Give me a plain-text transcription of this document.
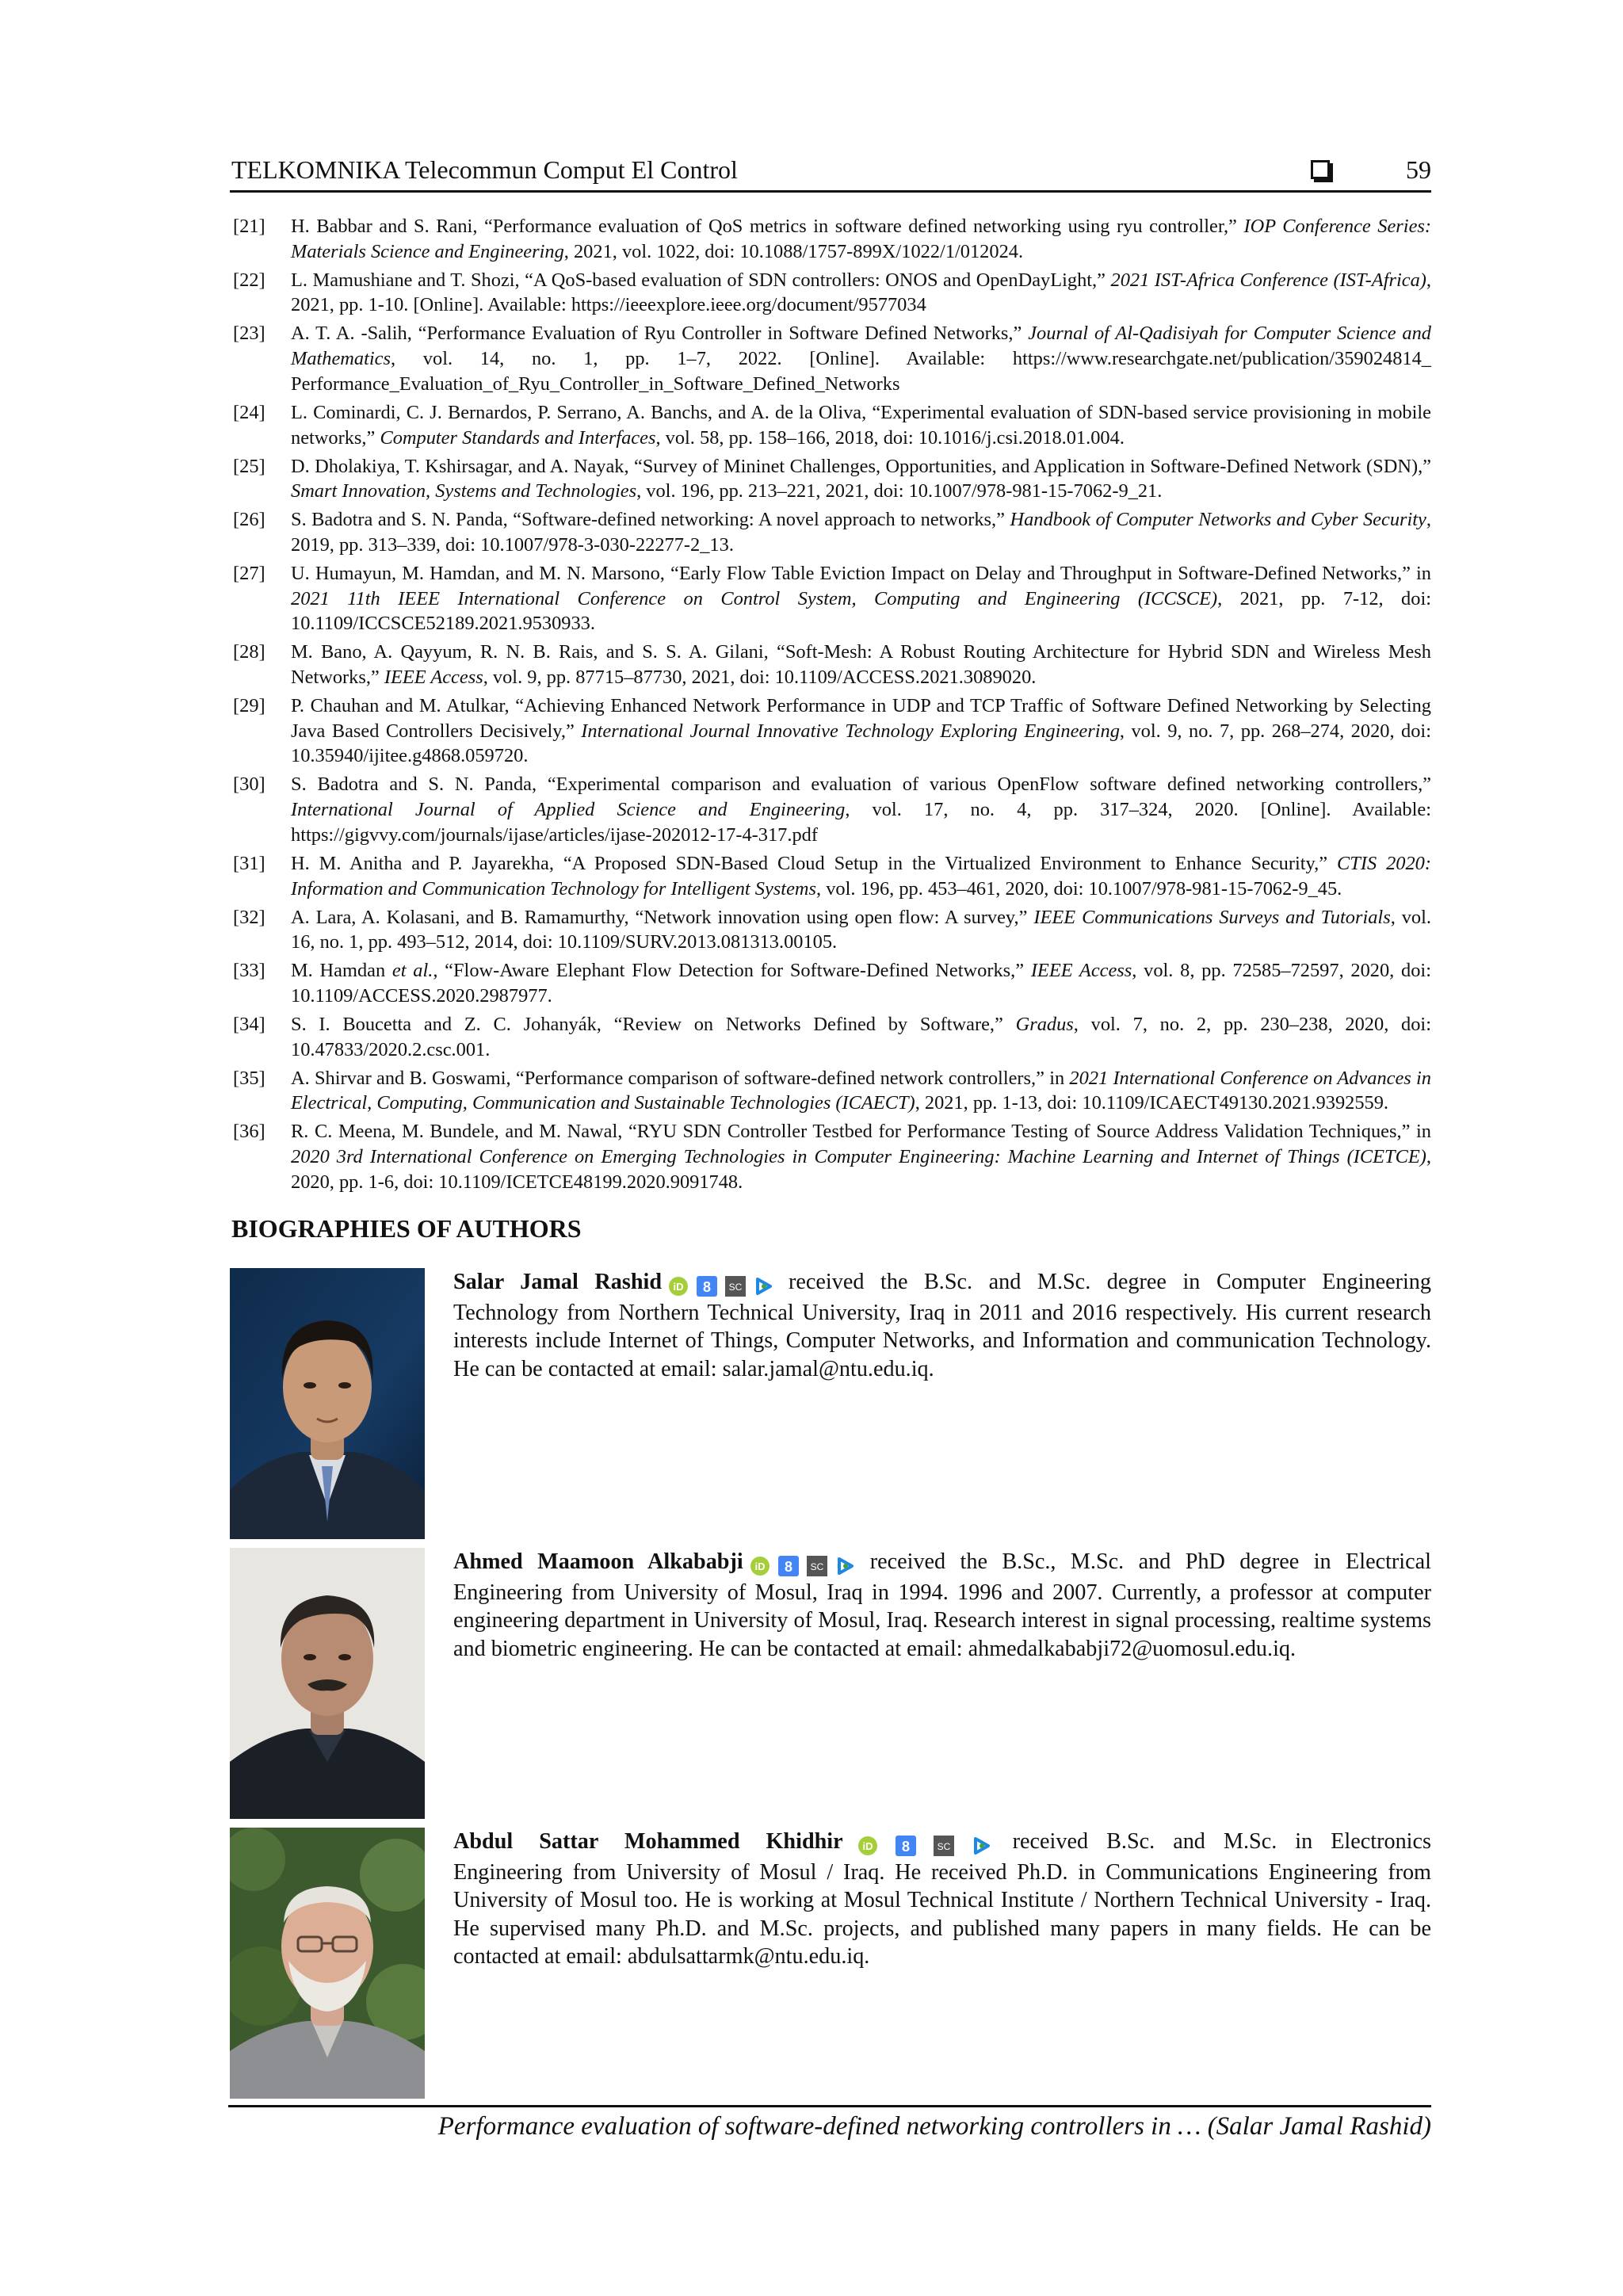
TELKOMNIKA Telecommun Comput El Control	59
[21] H. Babbar and S. Rani, “Performance evaluation of QoS metrics in software defined networking using ryu controller,” IOP Conference Series: Materials Science and Engineering, 2021, vol. 1022, doi: 10.1088/1757-899X/1022/1/012024.
[22] L. Mamushiane and T. Shozi, “A QoS-based evaluation of SDN controllers: ONOS and OpenDayLight,” 2021 IST-Africa Conference (IST-Africa), 2021, pp. 1-10. [Online]. Available: https://ieeexplore.ieee.org/document/9577034
[23] A. T. A. -Salih, “Performance Evaluation of Ryu Controller in Software Defined Networks,” Journal of Al-Qadisiyah for Computer Science and Mathematics, vol. 14, no. 1, pp. 1–7, 2022. [Online]. Available: https://www.researchgate.net/publication/359024814_ Performance_Evaluation_of_Ryu_Controller_in_Software_Defined_Networks
[24] L. Cominardi, C. J. Bernardos, P. Serrano, A. Banchs, and A. de la Oliva, “Experimental evaluation of SDN-based service provisioning in mobile networks,” Computer Standards and Interfaces, vol. 58, pp. 158–166, 2018, doi: 10.1016/j.csi.2018.01.004.
[25] D. Dholakiya, T. Kshirsagar, and A. Nayak, “Survey of Mininet Challenges, Opportunities, and Application in Software-Defined Network (SDN),” Smart Innovation, Systems and Technologies, vol. 196, pp. 213–221, 2021, doi: 10.1007/978-981-15-7062-9_21.
[26] S. Badotra and S. N. Panda, “Software-defined networking: A novel approach to networks,” Handbook of Computer Networks and Cyber Security, 2019, pp. 313–339, doi: 10.1007/978-3-030-22277-2_13.
[27] U. Humayun, M. Hamdan, and M. N. Marsono, “Early Flow Table Eviction Impact on Delay and Throughput in Software-Defined Networks,” in 2021 11th IEEE International Conference on Control System, Computing and Engineering (ICCSCE), 2021, pp. 7-12, doi: 10.1109/ICCSCE52189.2021.9530933.
[28] M. Bano, A. Qayyum, R. N. B. Rais, and S. S. A. Gilani, “Soft-Mesh: A Robust Routing Architecture for Hybrid SDN and Wireless Mesh Networks,” IEEE Access, vol. 9, pp. 87715–87730, 2021, doi: 10.1109/ACCESS.2021.3089020.
[29] P. Chauhan and M. Atulkar, “Achieving Enhanced Network Performance in UDP and TCP Traffic of Software Defined Networking by Selecting Java Based Controllers Decisively,” International Journal Innovative Technology Exploring Engineering, vol. 9, no. 7, pp. 268–274, 2020, doi: 10.35940/ijitee.g4868.059720.
[30] S. Badotra and S. N. Panda, “Experimental comparison and evaluation of various OpenFlow software defined networking controllers,” International Journal of Applied Science and Engineering, vol. 17, no. 4, pp. 317–324, 2020. [Online]. Available: https://gigvvy.com/journals/ijase/articles/ijase-202012-17-4-317.pdf
[31] H. M. Anitha and P. Jayarekha, “A Proposed SDN-Based Cloud Setup in the Virtualized Environment to Enhance Security,” CTIS 2020: Information and Communication Technology for Intelligent Systems, vol. 196, pp. 453–461, 2020, doi: 10.1007/978-981-15-7062-9_45.
[32] A. Lara, A. Kolasani, and B. Ramamurthy, “Network innovation using open flow: A survey,” IEEE Communications Surveys and Tutorials, vol. 16, no. 1, pp. 493–512, 2014, doi: 10.1109/SURV.2013.081313.00105.
[33] M. Hamdan et al., “Flow-Aware Elephant Flow Detection for Software-Defined Networks,” IEEE Access, vol. 8, pp. 72585–72597, 2020, doi: 10.1109/ACCESS.2020.2987977.
[34] S. I. Boucetta and Z. C. Johanyák, “Review on Networks Defined by Software,” Gradus, vol. 7, no. 2, pp. 230–238, 2020, doi: 10.47833/2020.2.csc.001.
[35] A. Shirvar and B. Goswami, “Performance comparison of software-defined network controllers,” in 2021 International Conference on Advances in Electrical, Computing, Communication and Sustainable Technologies (ICAECT), 2021, pp. 1-13, doi: 10.1109/ICAECT49130.2021.9392559.
[36] R. C. Meena, M. Bundele, and M. Nawal, “RYU SDN Controller Testbed for Performance Testing of Source Address Validation Techniques,” in 2020 3rd International Conference on Emerging Technologies in Computer Engineering: Machine Learning and Internet of Things (ICETCE), 2020, pp. 1-6, doi: 10.1109/ICETCE48199.2020.9091748.
BIOGRAPHIES OF AUTHORS
Salar Jamal Rashid iD 8 SC received the B.Sc. and M.Sc. degree in Computer Engineering Technology from Northern Technical University, Iraq in 2011 and 2016 respectively. His current research interests include Internet of Things, Computer Networks, and Information and communication Technology. He can be contacted at email: salar.jamal@ntu.edu.iq.
Ahmed Maamoon Alkababji iD 8 SC received the B.Sc., M.Sc. and PhD degree in Electrical Engineering from University of Mosul, Iraq in 1994. 1996 and 2007. Currently, a professor at computer engineering department in University of Mosul, Iraq. Research interest in signal processing, realtime systems and biometric engineering. He can be contacted at email: ahmedalkababji72@uomosul.edu.iq.
Abdul Sattar Mohammed Khidhir iD 8	SC	received B.Sc. and M.Sc. in Electronics Engineering from University of Mosul / Iraq. He received Ph.D. in Communications Engineering from University of Mosul too. He is working at Mosul Technical Institute / Northern Technical University - Iraq. He supervised many Ph.D. and M.Sc. projects, and published many papers in many fields. He can be contacted at email: abdulsattarmk@ntu.edu.iq.
Performance evaluation of software-defined networking controllers in … (Salar Jamal Rashid)
